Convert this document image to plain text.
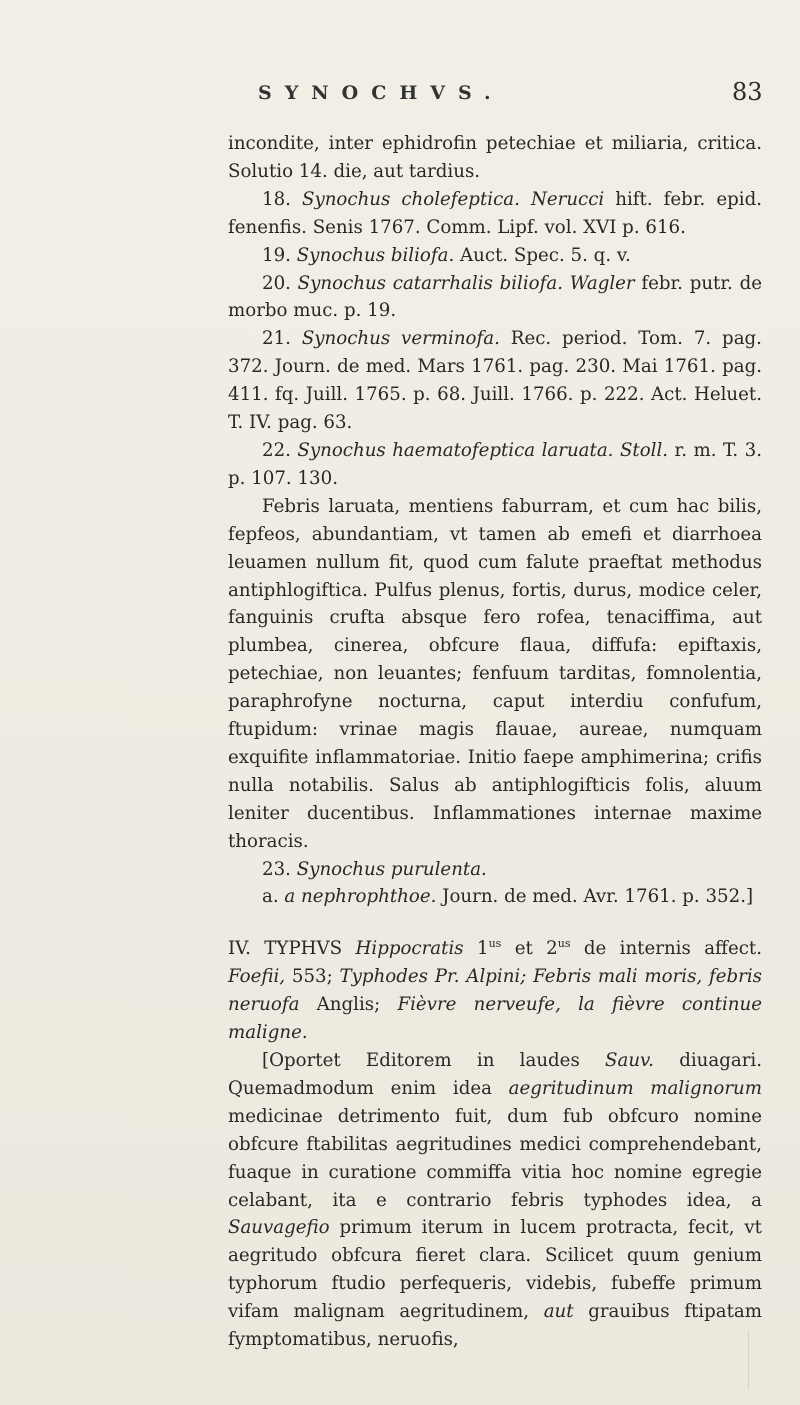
SYNOCHVS.	83

incondite, inter ephidrofin petechiae et miliaria, critica. Solutio 14. die, aut tardius.

18. Synochus cholefeptica. Nerucci hift. febr. epid. fenenfis. Senis 1767. Comm. Lipf. vol. XVI p. 616.

19. Synochus biliofa. Auct. Spec. 5. q. v.

20. Synochus catarrhalis biliofa. Wagler febr. putr. de morbo muc. p. 19.

21. Synochus verminofa. Rec. period. Tom. 7. pag. 372. Journ. de med. Mars 1761. pag. 230. Mai 1761. pag. 411. fq. Juill. 1765. p. 68. Juill. 1766. p. 222. Act. Heluet. T. IV. pag. 63.

22. Synochus haematofeptica laruata. Stoll. r. m. T. 3. p. 107. 130.

Febris laruata, mentiens faburram, et cum hac bilis, fepfeos, abundantiam, vt tamen ab emefi et diarrhoea leuamen nullum fit, quod cum falute praeftat methodus antiphlogiftica. Pulfus plenus, fortis, durus, modice celer, fanguinis crufta absque fero rofea, tenaciffima, aut plumbea, cinerea, obfcure flaua, diffufa: epiftaxis, petechiae, non leuantes; fenfuum tarditas, fomnolentia, paraphrofyne nocturna, caput interdiu confufum, ftupidum: vrinae magis flauae, aureae, numquam exquifite inflammatoriae. Initio faepe amphimerina; crifis nulla notabilis. Salus ab antiphlogifticis folis, aluum leniter ducentibus. Inflammationes internae maxime thoracis.

23. Synochus purulenta.

a. a nephrophthoe. Journ. de med. Avr. 1761. p. 352.]

IV. TYPHVS Hippocratis $1^{us}$ et $2^{us}$ de internis affect. Foefii, 553; Typhodes Pr. Alpini; Febris mali moris, febris neruofa Anglis; Fièvre nerveufe, la fièvre continue maligne.

[Oportet Editorem in laudes Sauv. diuagari. Quemadmodum enim idea aegritudinum malignorum medicinae detrimento fuit, dum fub obfcuro nomine obfcure ftabilitas aegritudines medici comprehendebant, fuaque in curatione commiffa vitia hoc nomine egregie celabant, ita e contrario febris typhodes idea, a Sauvagefio primum iterum in lucem protracta, fecit, vt aegritudo obfcura fieret clara. Scilicet quum genium typhorum ftudio perfequeris, videbis, fubeffe primum vifam malignam aegritudinem, aut grauibus ftipatam fymptomatibus, neruofis,
